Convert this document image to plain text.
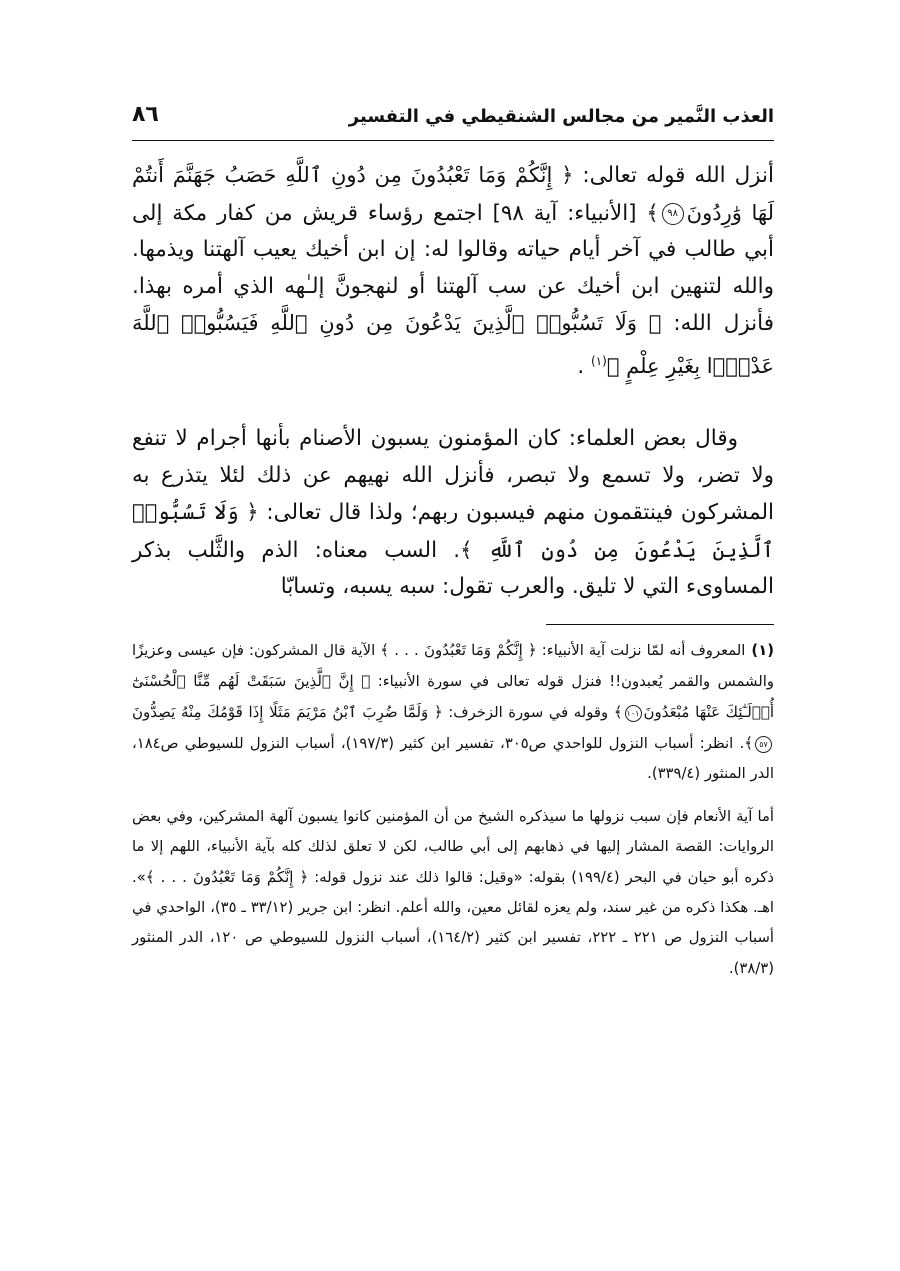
العذب النَّمير من مجالس الشنقيطي في التفسير
٨٦

أنزل الله قوله تعالى: ﴿ إِنَّكُمْ وَمَا تَعْبُدُونَ مِن دُونِ ٱللَّهِ حَصَبُ جَهَنَّمَ أَنتُمْ لَهَا وَٰرِدُونَ٩٨﴾ [الأنبياء: آية ٩٨] اجتمع رؤساء قريش من كفار مكة إلى أبي طالب في آخر أيام حياته وقالوا له: إن ابن أخيك يعيب آلهتنا ويذمها. والله لتنهين ابن أخيك عن سب آلهتنا أو لنهجونَّ إلـٰهه الذي أمره بهذا. فأنزل الله: ﴿ وَلَا تَسُبُّوا۟ ٱلَّذِينَ يَدْعُونَ مِن دُونِ ٱللَّهِ فَيَسُبُّوا۟ ٱللَّهَ عَدْوًۢا بِغَيْرِ عِلْمٍ ﴾$^{(١)}$ .

وقال بعض العلماء: كان المؤمنون يسبون الأصنام بأنها أجرام لا تنفع ولا تضر، ولا تسمع ولا تبصر، فأنزل الله نهيهم عن ذلك لئلا يتذرع به المشركون فينتقمون منهم فيسبون ربهم؛ ولذا قال تعالى: ﴿ وَلَا تَسُبُّوا۟ ٱلَّذِينَ يَدْعُونَ مِن دُونِ ٱللَّهِ ﴾. السب معناه: الذم والثَّلب بذكر المساوىء التي لا تليق. والعرب تقول: سبه يسبه، وتسابّا

(١)المعروف أنه لمّا نزلت آية الأنبياء: ﴿ إِنَّكُمْ وَمَا تَعْبُدُونَ . . . ﴾ الآية قال المشركون: فإن عيسى وعزيزًا والشمس والقمر يُعبدون!! فنزل قوله تعالى في سورة الأنبياء: ﴿ إِنَّ ٱلَّذِينَ سَبَقَتْ لَهُم مِّنَّا ٱلْحُسْنَىٰٓ أُو۟لَـٰٓئِكَ عَنْهَا مُبْعَدُونَ١٠١﴾ وقوله في سورة الزخرف: ﴿ وَلَمَّا ضُرِبَ ٱبْنُ مَرْيَمَ مَثَلًا إِذَا قَوْمُكَ مِنْهُ يَصِدُّونَ٥٧﴾. انظر: أسباب النزول للواحدي ص٣٠٥، تفسير ابن كثير (١٩٧/٣)، أسباب النزول للسيوطي ص١٨٤، الدر المنثور (٣٣٩/٤).

أما آية الأنعام فإن سبب نزولها ما سيذكره الشيخ من أن المؤمنين كانوا يسبون آلهة المشركين، وفي بعض الروايات: القصة المشار إليها في ذهابهم إلى أبي طالب، لكن لا تعلق لذلك كله بآية الأنبياء، اللهم إلا ما ذكره أبو حيان في البحر (١٩٩/٤) بقوله: «وقيل: قالوا ذلك عند نزول قوله: ﴿ إِنَّكُمْ وَمَا تَعْبُدُونَ . . . ﴾». اهـ. هكذا ذكره من غير سند، ولم يعزه لقائل معين، والله أعلم. انظر: ابن جرير (٣٣/١٢ ـ ٣٥)، الواحدي في أسباب النزول ص ٢٢١ ـ ٢٢٢، تفسير ابن كثير (١٦٤/٢)، أسباب النزول للسيوطي ص ١٢٠، الدر المنثور (٣٨/٣).
